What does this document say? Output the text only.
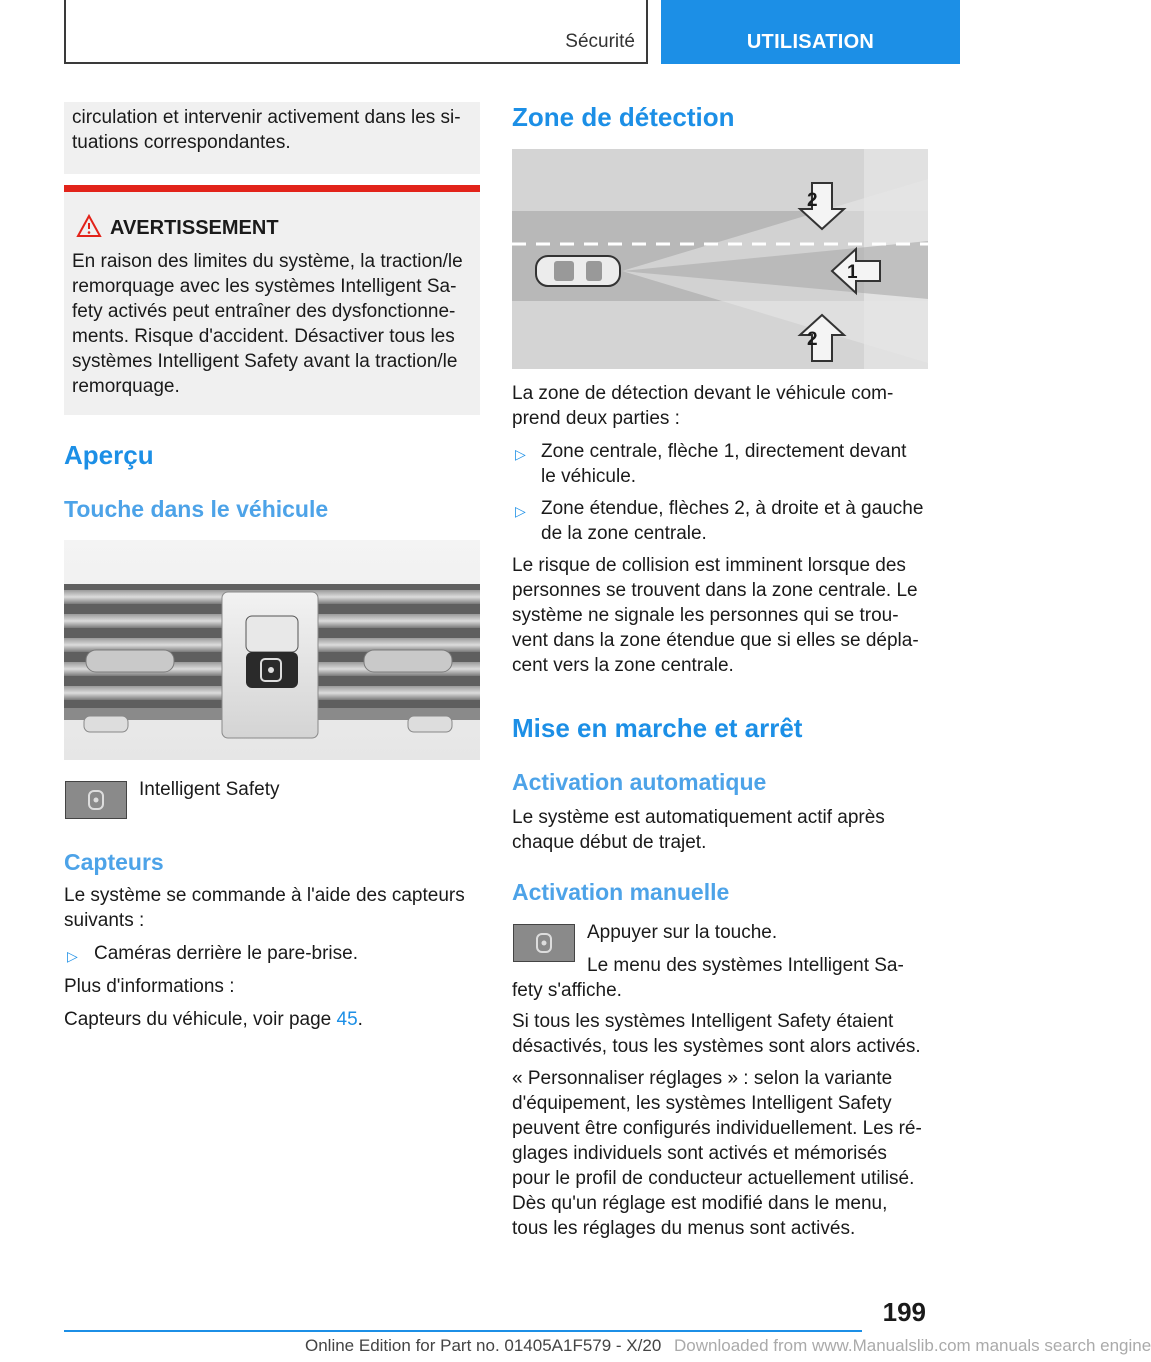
Sécurité	UTILISATION

circulation et intervenir activement dans les si-

tuations correspondantes.

AVERTISSEMENT

En raison des limites du système, la traction/le

remorquage avec les systèmes Intelligent Sa-

fety activés peut entraîner des dysfonctionne-

ments. Risque d'accident. Désactiver tous les

systèmes Intelligent Safety avant la traction/le

remorquage.

Aperçu
Touche dans le véhicule
Intelligent Safety
Capteurs

Le système se commande à l'aide des capteurs

suivants :

▷ Caméras derrière le pare-brise.
Plus d'informations :
Capteurs du véhicule, voir page 45.
Zone de détection
2
1
2

La zone de détection devant le véhicule com-

prend deux parties :

▷ Zone centrale, flèche 1, directement devant

le véhicule.

▷ Zone étendue, flèches 2, à droite et à gauche

de la zone centrale.

Le risque de collision est imminent lorsque des

personnes se trouvent dans la zone centrale. Le

système ne signale les personnes qui se trou-

vent dans la zone étendue que si elles se dépla-

cent vers la zone centrale.

Mise en marche et arrêt
Activation automatique

Le système est automatiquement actif après

chaque début de trajet.

Activation manuelle
Appuyer sur la touche.
Le menu des systèmes Intelligent Sa-
fety s'affiche.

Si tous les systèmes Intelligent Safety étaient

désactivés, tous les systèmes sont alors activés.

« Personnaliser réglages » : selon la variante

d'équipement, les systèmes Intelligent Safety

peuvent être configurés individuellement. Les ré-

glages individuels sont activés et mémorisés

pour le profil de conducteur actuellement utilisé.

Dès qu'un réglage est modifié dans le menu,

tous les réglages du menus sont activés.

199
Online Edition for Part no. 01405A1F579 - X/20 Downloaded from www.Manualslib.com manuals search engine
